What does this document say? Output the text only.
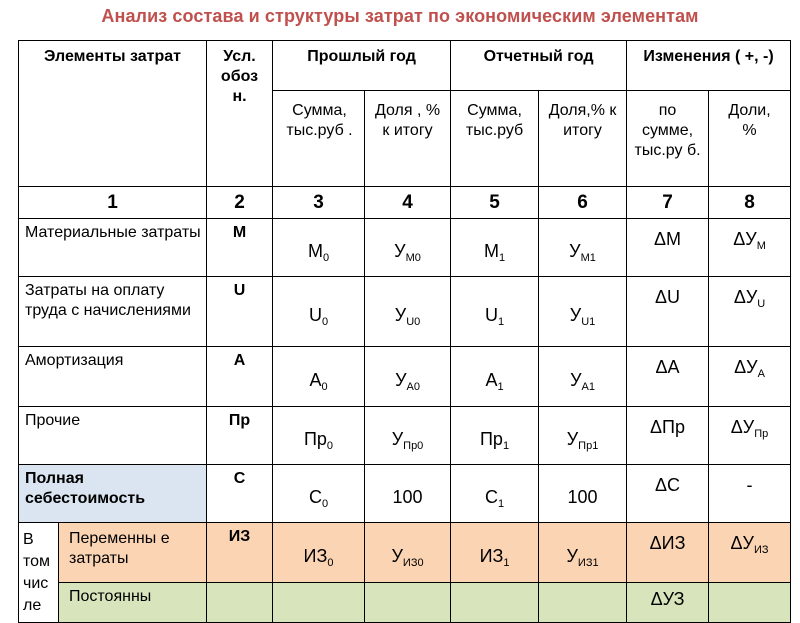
Анализ состава и структуры затрат по экономическим элементам
Элементы затрат		Усл. обоз н.	Прошлый год		Отчетный год		Изменения ( +, -)	

			Сумма, тыс.руб .	Доля , % к итогу	Сумма, тыс.руб	Доля,% к итогу	по сумме, тыс.ру б.	Доли, %

1		2	3	4	5	6	7	8

Материальные затраты		М	$М_0$	$У_{М0}$	$М_1$	$У_{М1}$	ΔМ	$\Delta У_М$

Затраты на оплату труда с начислениями		U	$U_0$	$У_{U0}$	$U_1$	$У_{U1}$	ΔU	$\Delta У_U$

Амортизация		А	$А_0$	$У_{А0}$	$А_1$	$У_{А1}$	ΔА	$\Delta У_А$

Прочие		Пр	$Пр_0$	$У_{Пр0}$	$Пр_1$	$У_{Пр1}$	ΔПр	$\Delta У_{Пр}$

Полная себестоимость		С	$С_0$	100	$С_1$	100	ΔС	-

В том чис ле	Переменны е затраты	ИЗ	$ИЗ_0$	$У_{ИЗ0}$	$ИЗ_1$	$У_{ИЗ1}$	ΔИЗ	$\Delta У_{ИЗ}$

	Постоянны						ΔУЗ	
